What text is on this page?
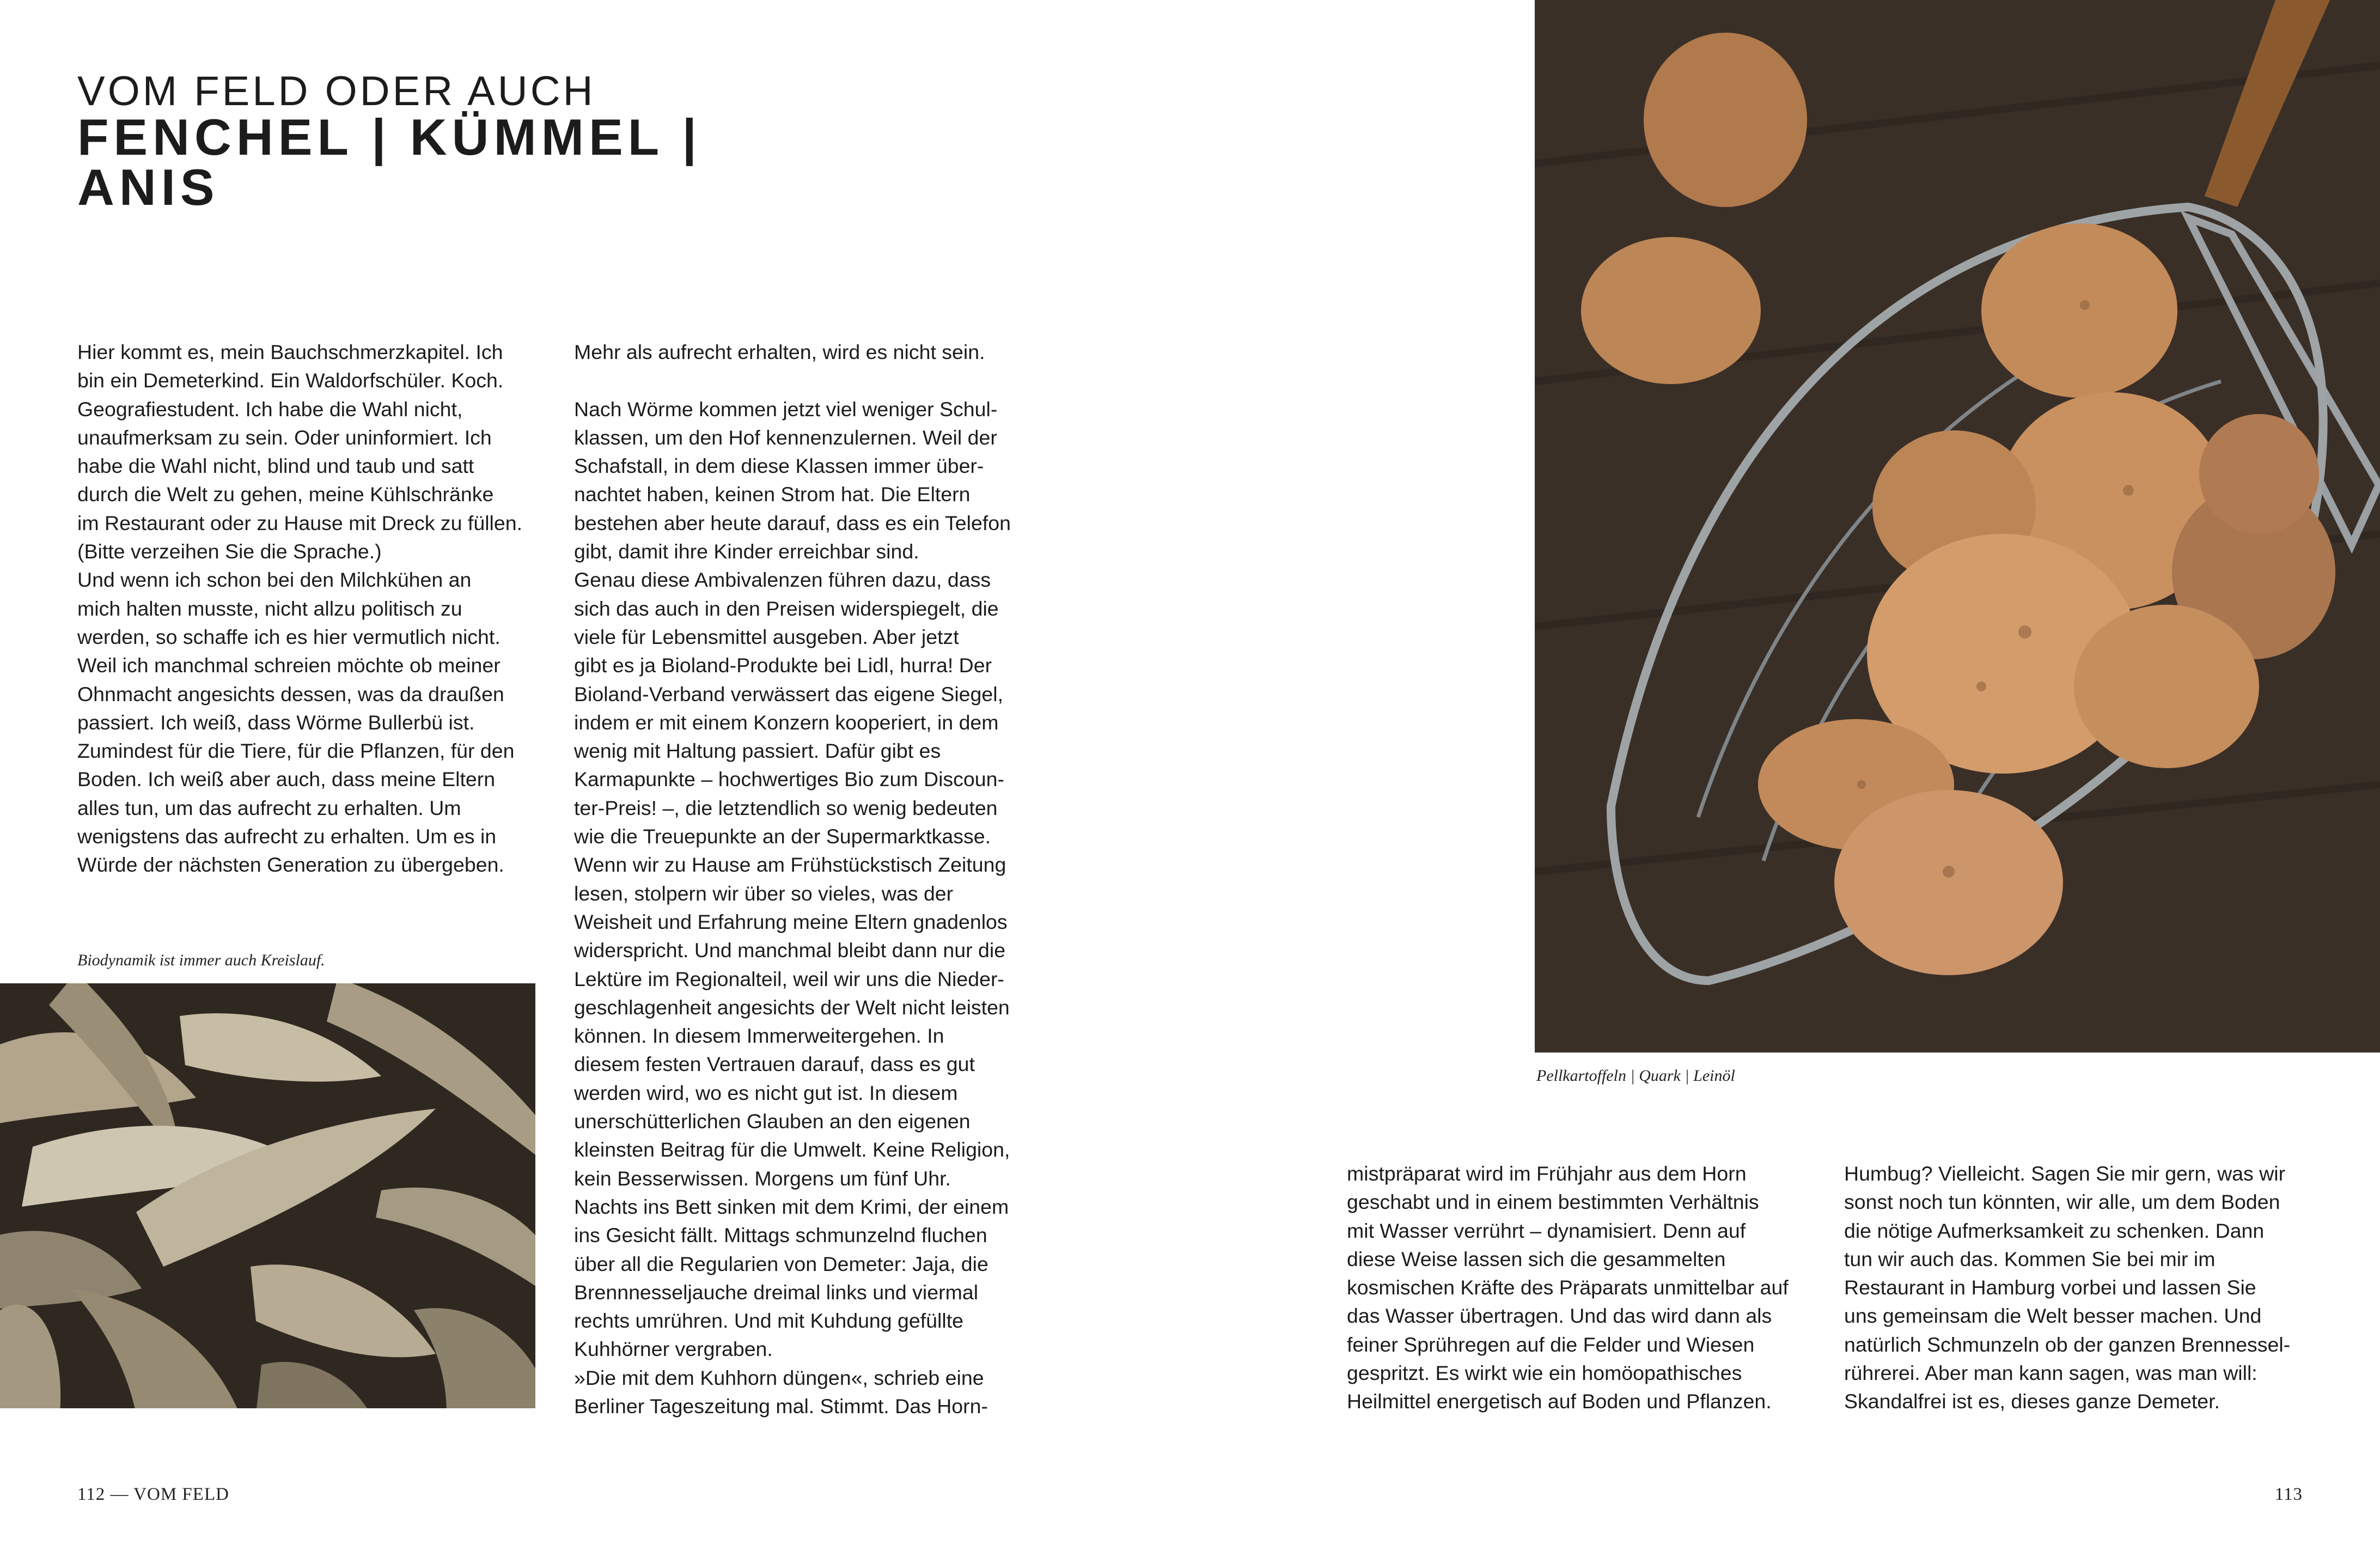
VOM FELD ODER AUCH
FENCHEL | KÜMMEL | ANIS

Hier kommt es, mein Bauchschmerzkapitel. Ich
bin ein Demeterkind. Ein Waldorfschüler. Koch.
Geografiestudent. Ich habe die Wahl nicht,
unaufmerksam zu sein. Oder uninformiert. Ich
habe die Wahl nicht, blind und taub und satt
durch die Welt zu gehen, meine Kühlschränke
im Restaurant oder zu Hause mit Dreck zu füllen.
(Bitte verzeihen Sie die Sprache.)
Und wenn ich schon bei den Milchkühen an
mich halten musste, nicht allzu politisch zu
werden, so schaffe ich es hier vermutlich nicht.
Weil ich manchmal schreien möchte ob meiner
Ohnmacht angesichts dessen, was da draußen
passiert. Ich weiß, dass Wörme Bullerbü ist.
Zumindest für die Tiere, für die Pflanzen, für den
Boden. Ich weiß aber auch, dass meine Eltern
alles tun, um das aufrecht zu erhalten. Um
wenigstens das aufrecht zu erhalten. Um es in
Würde der nächsten Generation zu übergeben.

Mehr als aufrecht erhalten, wird es nicht sein.

Nach Wörme kommen jetzt viel weniger Schul-
klassen, um den Hof kennenzulernen. Weil der
Schafstall, in dem diese Klassen immer über-
nachtet haben, keinen Strom hat. Die Eltern
bestehen aber heute darauf, dass es ein Telefon
gibt, damit ihre Kinder erreichbar sind.
Genau diese Ambivalenzen führen dazu, dass
sich das auch in den Preisen widerspiegelt, die
viele für Lebensmittel ausgeben. Aber jetzt
gibt es ja Bioland-Produkte bei Lidl, hurra! Der
Bioland-Verband verwässert das eigene Siegel,
indem er mit einem Konzern kooperiert, in dem
wenig mit Haltung passiert. Dafür gibt es
Karmapunkte – hochwertiges Bio zum Discoun-
ter-Preis! –, die letztendlich so wenig bedeuten
wie die Treuepunkte an der Supermarktkasse.
Wenn wir zu Hause am Frühstückstisch Zeitung
lesen, stolpern wir über so vieles, was der
Weisheit und Erfahrung meine Eltern gnadenlos
widerspricht. Und manchmal bleibt dann nur die
Lektüre im Regionalteil, weil wir uns die Nieder-
geschlagenheit angesichts der Welt nicht leisten
können. In diesem Immerweitergehen. In
diesem festen Vertrauen darauf, dass es gut
werden wird, wo es nicht gut ist. In diesem
unerschütterlichen Glauben an den eigenen
kleinsten Beitrag für die Umwelt. Keine Religion,
kein Besserwissen. Morgens um fünf Uhr.
Nachts ins Bett sinken mit dem Krimi, der einem
ins Gesicht fällt. Mittags schmunzelnd fluchen
über all die Regularien von Demeter: Jaja, die
Brennnesseljauche dreimal links und viermal
rechts umrühren. Und mit Kuhdung gefüllte
Kuhhörner vergraben.
»Die mit dem Kuhhorn düngen«, schrieb eine
Berliner Tageszeitung mal. Stimmt. Das Horn-

Biodynamik ist immer auch Kreislauf.

112 — VOM FELD

Pellkartoffeln | Quark | Leinöl

mistpräparat wird im Frühjahr aus dem Horn
geschabt und in einem bestimmten Verhältnis
mit Wasser verrührt – dynamisiert. Denn auf
diese Weise lassen sich die gesammelten
kosmischen Kräfte des Präparats unmittelbar auf
das Wasser übertragen. Und das wird dann als
feiner Sprühregen auf die Felder und Wiesen
gespritzt. Es wirkt wie ein homöopathisches
Heilmittel energetisch auf Boden und Pflanzen.

Humbug? Vielleicht. Sagen Sie mir gern, was wir
sonst noch tun könnten, wir alle, um dem Boden
die nötige Aufmerksamkeit zu schenken. Dann
tun wir auch das. Kommen Sie bei mir im
Restaurant in Hamburg vorbei und lassen Sie
uns gemeinsam die Welt besser machen. Und
natürlich Schmunzeln ob der ganzen Brennessel-
rührerei. Aber man kann sagen, was man will:
Skandalfrei ist es, dieses ganze Demeter.

113
